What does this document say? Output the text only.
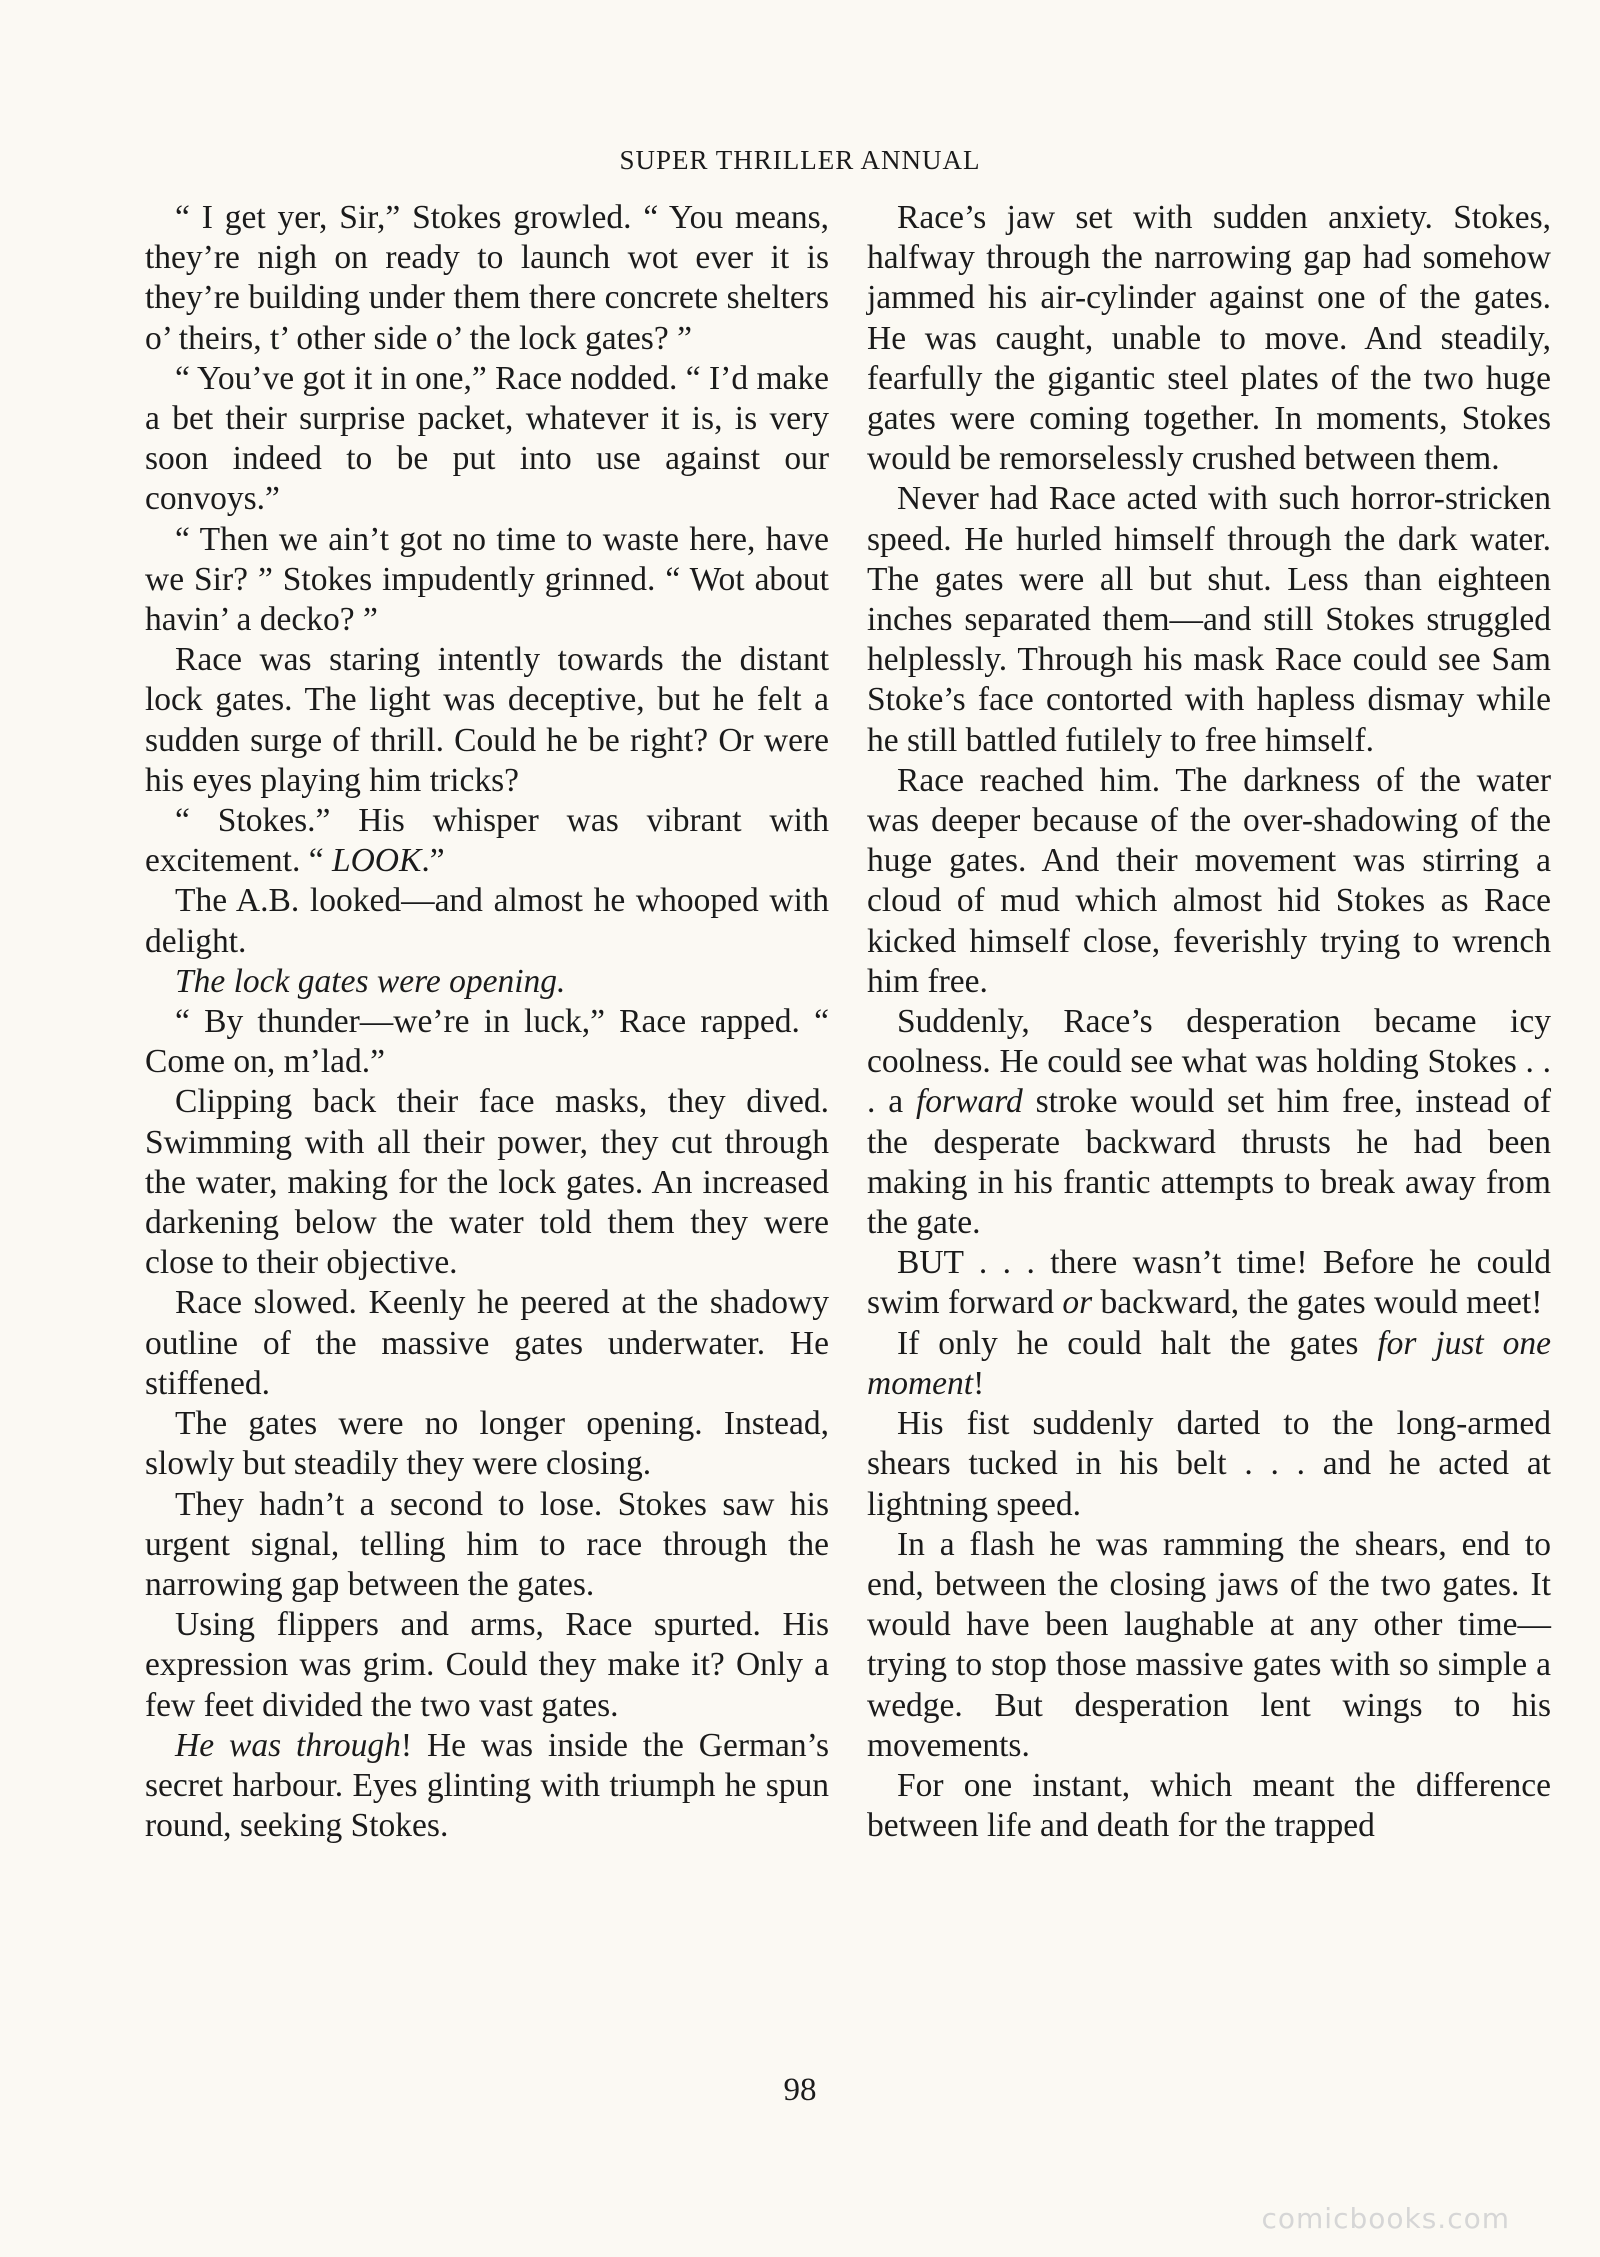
SUPER THRILLER ANNUAL

“ I get yer, Sir,” Stokes growled. “ You means, they’re nigh on ready to launch wot ever it is they’re building under them there concrete shelters o’ theirs, t’ other side o’ the lock gates? ”

“ You’ve got it in one,” Race nodded. “ I’d make a bet their surprise packet, whatever it is, is very soon indeed to be put into use against our convoys.”

“ Then we ain’t got no time to waste here, have we Sir? ” Stokes impudently grinned. “ Wot about havin’ a decko? ”

Race was staring intently towards the distant lock gates. The light was deceptive, but he felt a sudden surge of thrill. Could he be right? Or were his eyes playing him tricks?

“ Stokes.” His whisper was vibrant with excitement. “ LOOK.”

The A.B. looked—and almost he whooped with delight.

The lock gates were opening.

“ By thunder—we’re in luck,” Race rapped. “ Come on, m’lad.”

Clipping back their face masks, they dived. Swimming with all their power, they cut through the water, making for the lock gates. An increased darkening below the water told them they were close to their objective.

Race slowed. Keenly he peered at the shadowy outline of the massive gates underwater. He stiffened.

The gates were no longer opening. Instead, slowly but steadily they were closing.

They hadn’t a second to lose. Stokes saw his urgent signal, telling him to race through the narrowing gap between the gates.

Using flippers and arms, Race spurted. His expression was grim. Could they make it? Only a few feet divided the two vast gates.

He was through! He was inside the German’s secret harbour. Eyes glinting with triumph he spun round, seeking Stokes.

Race’s jaw set with sudden anxiety. Stokes, halfway through the narrowing gap had somehow jammed his air-cylinder against one of the gates. He was caught, unable to move. And steadily, fearfully the gigantic steel plates of the two huge gates were coming together. In moments, Stokes would be remorselessly crushed between them.

Never had Race acted with such horror-stricken speed. He hurled himself through the dark water. The gates were all but shut. Less than eighteen inches separated them—and still Stokes struggled helplessly. Through his mask Race could see Sam Stoke’s face contorted with hapless dismay while he still battled futilely to free himself.

Race reached him. The darkness of the water was deeper because of the over-shadowing of the huge gates. And their movement was stirring a cloud of mud which almost hid Stokes as Race kicked himself close, feverishly trying to wrench him free.

Suddenly, Race’s desperation became icy coolness. He could see what was holding Stokes . . . a forward stroke would set him free, instead of the desperate backward thrusts he had been making in his frantic attempts to break away from the gate.

BUT . . . there wasn’t time! Before he could swim forward or backward, the gates would meet!

If only he could halt the gates for just one moment!

His fist suddenly darted to the long-armed shears tucked in his belt . . . and he acted at lightning speed.

In a flash he was ramming the shears, end to end, between the closing jaws of the two gates. It would have been laughable at any other time—trying to stop those massive gates with so simple a wedge. But desperation lent wings to his movements.

For one instant, which meant the difference between life and death for the trapped

98
comicbooks.com
